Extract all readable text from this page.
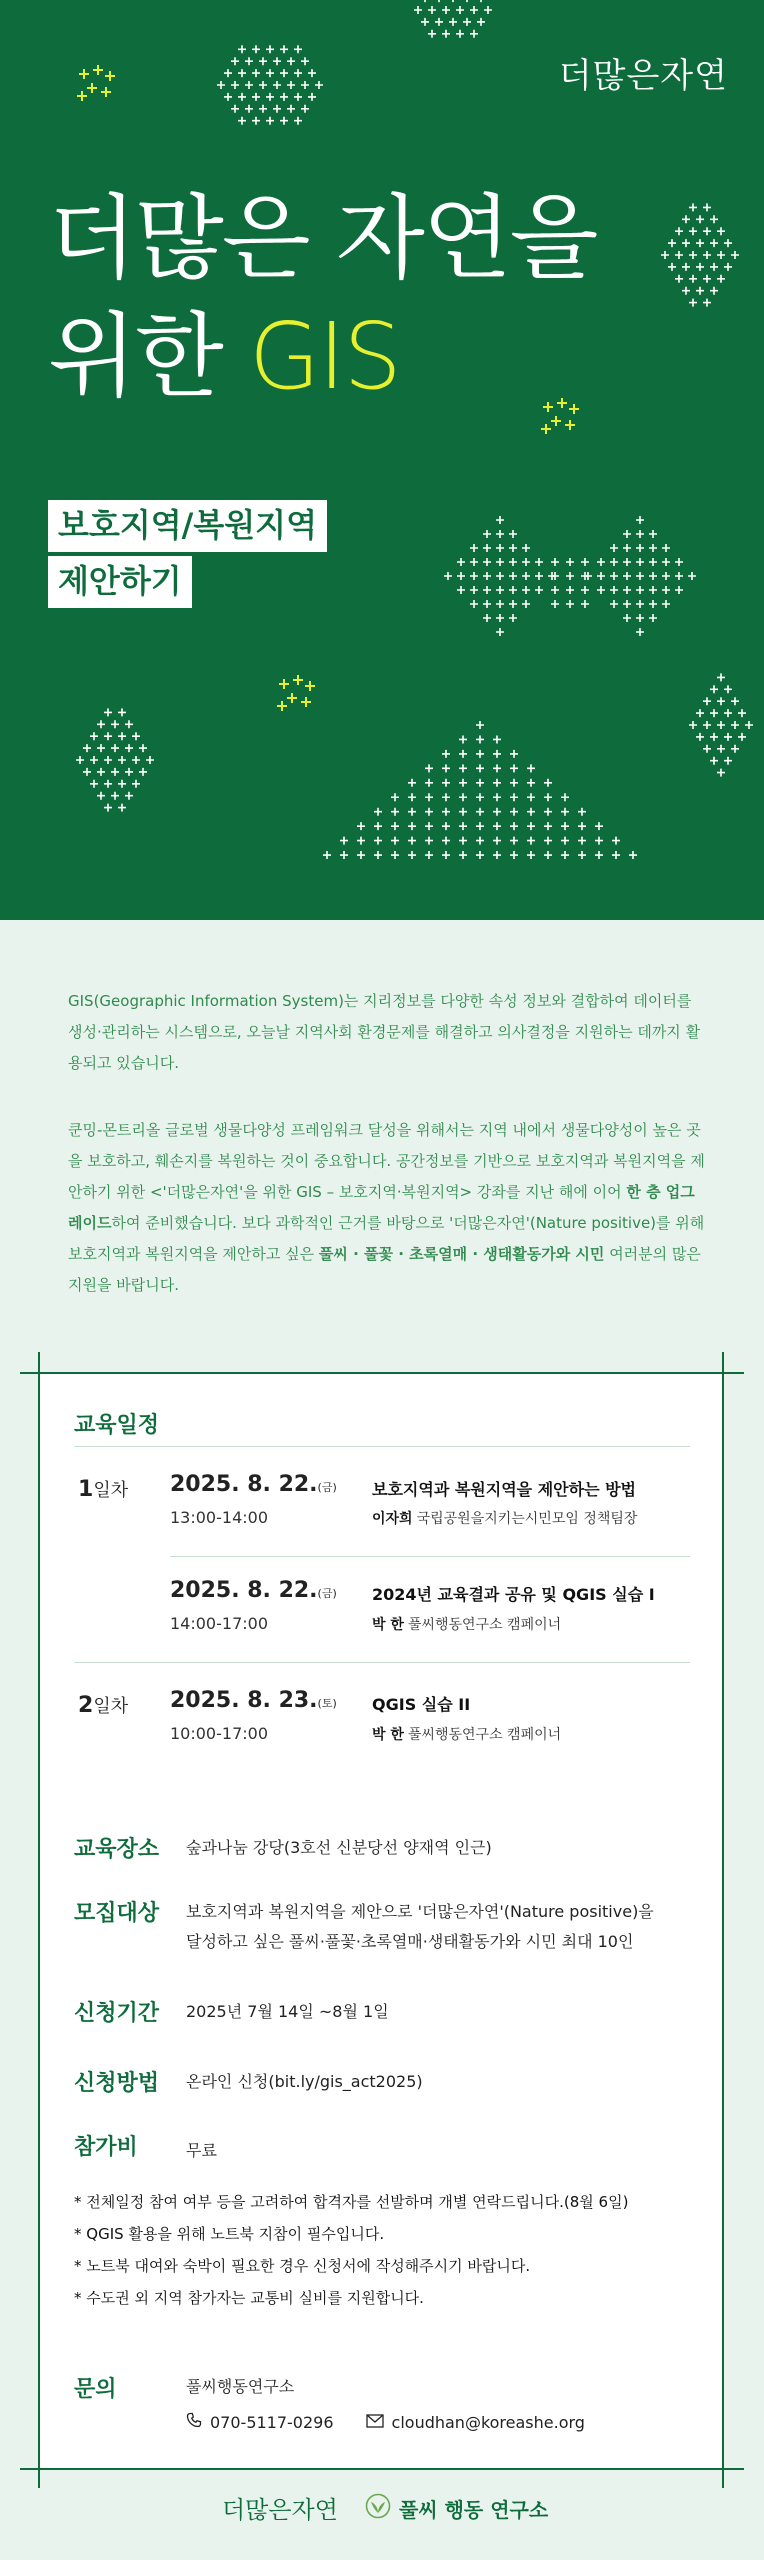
더많은자연
더많은 자연을
위한 GIS
보호지역/복원지역
제안하기

GIS(Geographic Information System)는 지리정보를 다양한 속성 정보와 결합하여 데이터를 생성·관리하는 시스템으로, 오늘날 지역사회 환경문제를 해결하고 의사결정을 지원하는 데까지 활용되고 있습니다.

쿤밍-몬트리올 글로벌 생물다양성 프레임워크 달성을 위해서는 지역 내에서 생물다양성이 높은 곳을 보호하고, 훼손지를 복원하는 것이 중요합니다. 공간정보를 기반으로 보호지역과 복원지역을 제안하기 위한 <'더많은자연'을 위한 GIS – 보호지역·복원지역> 강좌를 지난 해에 이어 한 층 업그레이드하여 준비했습니다. 보다 과학적인 근거를 바탕으로 '더많은자연'(Nature positive)를 위해 보호지역과 복원지역을 제안하고 싶은 풀씨 · 풀꽃 · 초록열매 · 생태활동가와 시민 여러분의 많은 지원을 바랍니다.

교육일정
1일차 2025. 8. 22.(금)
13:00-14:00
보호지역과 복원지역을 제안하는 방법
이자희 국립공원을지키는시민모임 정책팀장
2025. 8. 22.(금)
14:00-17:00
2024년 교육결과 공유 및 QGIS 실습 I
박 한 풀씨행동연구소 캠페이너
2일차 2025. 8. 23.(토)
10:00-17:00
QGIS 실습 II
박 한 풀씨행동연구소 캠페이너
교육장소 숲과나눔 강당(3호선 신분당선 양재역 인근)
모집대상 보호지역과 복원지역을 제안으로 '더많은자연'(Nature positive)을
달성하고 싶은 풀씨·풀꽃·초록열매·생태활동가와 시민 최대 10인
신청기간 2025년 7월 14일 ~8월 1일
신청방법 온라인 신청(bit.ly/gis_act2025)
참가비	무료
* 전체일정 참여 여부 등을 고려하여 합격자를 선발하며 개별 연락드립니다.(8월 6일)
* QGIS 활용을 위해 노트북 지참이 필수입니다.
* 노트북 대여와 숙박이 필요한 경우 신청서에 작성해주시기 바랍니다.
* 수도권 외 지역 참가자는 교통비 실비를 지원합니다.
문의	풀씨행동연구소
070-5117-0296	cloudhan@koreashe.org
더많은자연	풀씨 행동 연구소
